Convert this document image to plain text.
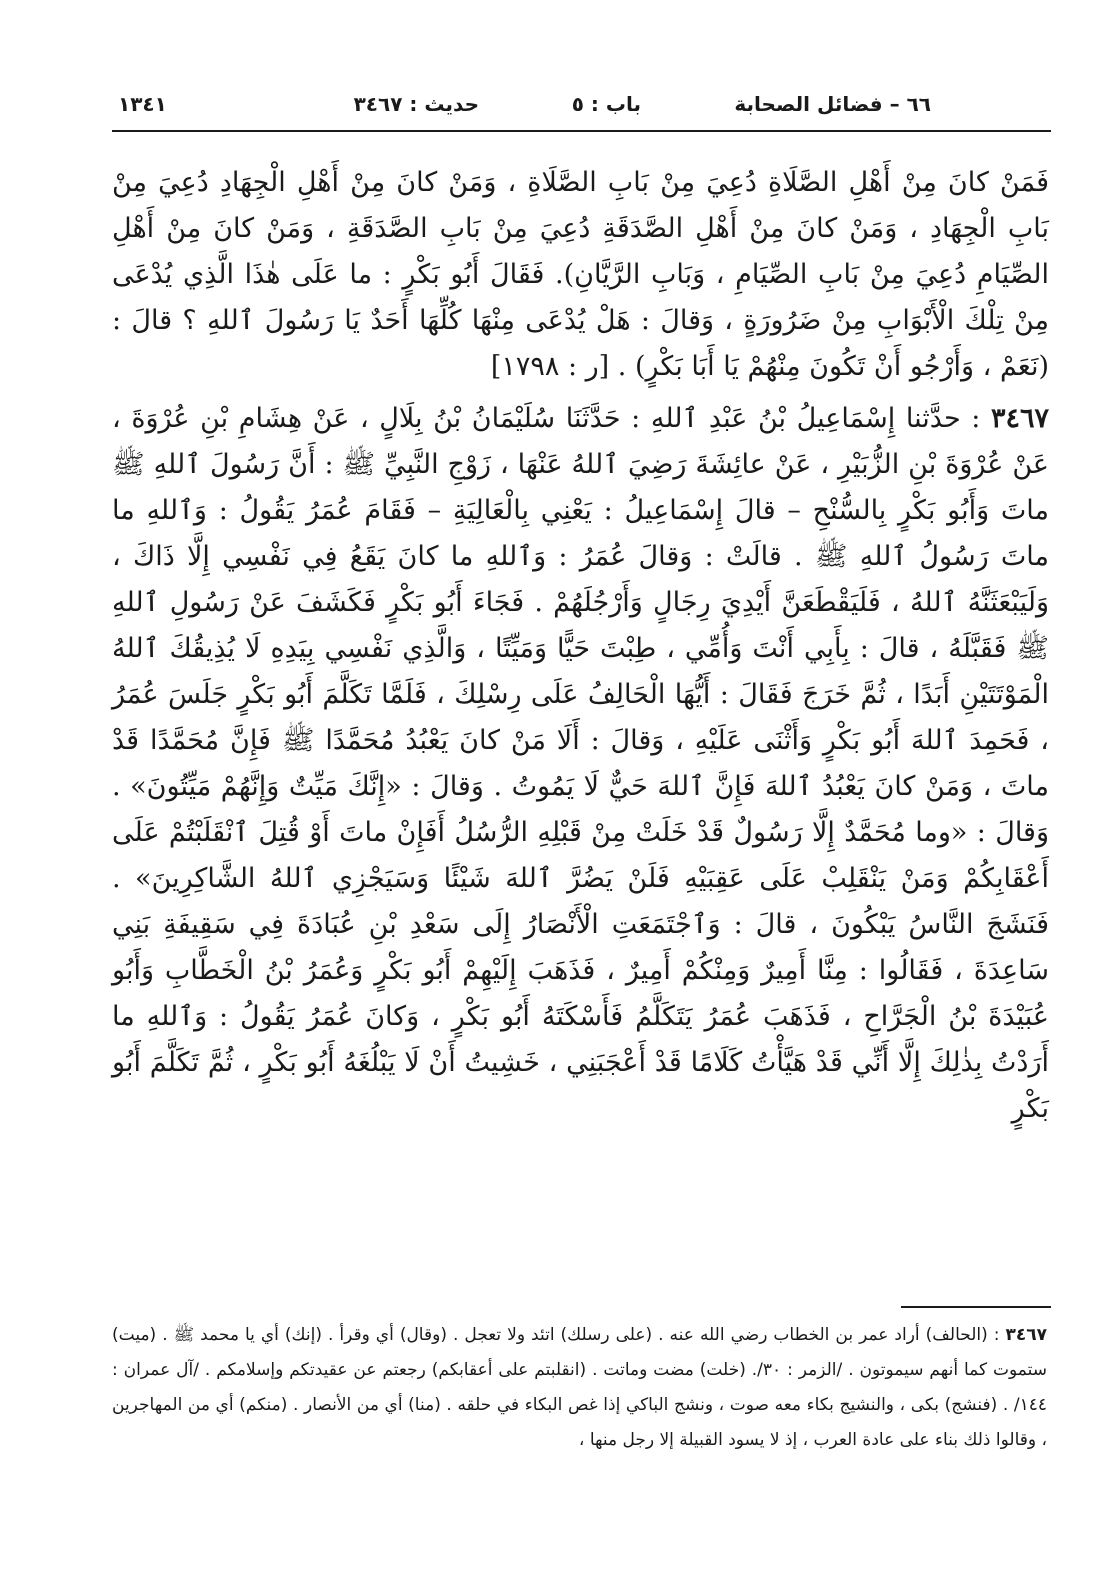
٦٦ – فضائل الصحابة
باب : ٥
حديث : ٣٤٦٧
١٣٤١

فَمَنْ كانَ مِنْ أَهْلِ الصَّلَاةِ دُعِيَ مِنْ بَابِ الصَّلَاةِ ، وَمَنْ كانَ مِنْ أَهْلِ الْجِهَادِ دُعِيَ مِنْ بَابِ الْجِهَادِ ، وَمَنْ كانَ مِنْ أَهْلِ الصَّدَقَةِ دُعِيَ مِنْ بَابِ الصَّدَقَةِ ، وَمَنْ كانَ مِنْ أَهْلِ الصِّيَامِ دُعِيَ مِنْ بَابِ الصِّيَامِ ، وَبَابِ الرَّيَّانِ). فَقَالَ أَبُو بَكْرٍ : ما عَلَى هٰذَا الَّذِي يُدْعَى مِنْ تِلْكَ الْأَبْوَابِ مِنْ ضَرُورَةٍ ، وَقالَ : هَلْ يُدْعَى مِنْهَا كُلِّهَا أَحَدٌ يَا رَسُولَ ٱللهِ ؟ قالَ : (نَعَمْ ، وَأَرْجُو أَنْ تَكُونَ مِنْهُمْ يَا أَبَا بَكْرٍ) . [ر : ١٧٩٨]

٣٤٦٧ : حدَّثنا إِسْمَاعِيلُ بْنُ عَبْدِ ٱللهِ : حَدَّثَنَا سُلَيْمَانُ بْنُ بِلَالٍ ، عَنْ هِشَامِ بْنِ عُرْوَةَ ، عَنْ عُرْوَةَ بْنِ الزُّبَيْرِ ، عَنْ عائِشَةَ رَضِيَ ٱللهُ عَنْهَا ، زَوْجِ النَّبِيِّ ﷺ : أَنَّ رَسُولَ ٱللهِ ﷺ ماتَ وَأَبُو بَكْرٍ بِالسُّنْحِ – قالَ إِسْمَاعِيلُ : يَعْنِي بِالْعَالِيَةِ – فَقَامَ عُمَرُ يَقُولُ : وَٱللهِ ما ماتَ رَسُولُ ٱللهِ ﷺ . قالَتْ : وَقالَ عُمَرُ : وَٱللهِ ما كانَ يَقَعُ فِي نَفْسِي إِلَّا ذَاكَ ، وَلَيَبْعَثَنَّهُ ٱللهُ ، فَلَيَقْطَعَنَّ أَيْدِيَ رِجَالٍ وَأَرْجُلَهُمْ . فَجَاءَ أَبُو بَكْرٍ فَكَشَفَ عَنْ رَسُولِ ٱللهِ ﷺ فَقَبَّلَهُ ، قالَ : بِأَبِي أَنْتَ وَأُمِّي ، طِبْتَ حَيًّا وَمَيِّتًا ، وَالَّذِي نَفْسِي بِيَدِهِ لَا يُذِيقُكَ ٱللهُ الْمَوْتَتَيْنِ أَبَدًا ، ثُمَّ خَرَجَ فَقَالَ : أَيُّهَا الْحَالِفُ عَلَى رِسْلِكَ ، فَلَمَّا تَكَلَّمَ أَبُو بَكْرٍ جَلَسَ عُمَرُ ، فَحَمِدَ ٱللهَ أَبُو بَكْرٍ وَأَثْنَى عَلَيْهِ ، وَقالَ : أَلَا مَنْ كانَ يَعْبُدُ مُحَمَّدًا ﷺ فَإِنَّ مُحَمَّدًا قَدْ ماتَ ، وَمَنْ كانَ يَعْبُدُ ٱللهَ فَإِنَّ ٱللهَ حَيٌّ لَا يَمُوتُ . وَقالَ : «إِنَّكَ مَيِّتٌ وَإِنَّهُمْ مَيِّتُونَ» . وَقالَ : «وما مُحَمَّدٌ إِلَّا رَسُولٌ قَدْ خَلَتْ مِنْ قَبْلِهِ الرُّسُلُ أَفَإِنْ ماتَ أَوْ قُتِلَ ٱنْقَلَبْتُمْ عَلَى أَعْقَابِكُمْ وَمَنْ يَنْقَلِبْ عَلَى عَقِبَيْهِ فَلَنْ يَضُرَّ ٱللهَ شَيْئًا وَسَيَجْزِي ٱللهُ الشَّاكِرِينَ» . فَنَشَجَ النَّاسُ يَبْكُونَ ، قالَ : وَٱجْتَمَعَتِ الْأَنْصَارُ إِلَى سَعْدِ بْنِ عُبَادَةَ فِي سَقِيفَةِ بَنِي سَاعِدَةَ ، فَقَالُوا : مِنَّا أَمِيرٌ وَمِنْكُمْ أَمِيرٌ ، فَذَهَبَ إِلَيْهِمْ أَبُو بَكْرٍ وَعُمَرُ بْنُ الْخَطَّابِ وَأَبُو عُبَيْدَةَ بْنُ الْجَرَّاحِ ، فَذَهَبَ عُمَرُ يَتَكَلَّمُ فَأَسْكَتَهُ أَبُو بَكْرٍ ، وَكانَ عُمَرُ يَقُولُ : وَٱللهِ ما أَرَدْتُ بِذٰلِكَ إِلَّا أَنِّي قَدْ هَيَّأْتُ كَلَامًا قَدْ أَعْجَبَنِي ، خَشِيتُ أَنْ لَا يَبْلُغَهُ أَبُو بَكْرٍ ، ثُمَّ تَكَلَّمَ أَبُو بَكْرٍ

٣٤٦٧ : (الحالف) أراد عمر بن الخطاب رضي الله عنه . (على رسلك) اتئد ولا تعجل . (وقال) أي وقرأ . (إنك) أي يا محمد ﷺ . (ميت) ستموت كما أنهم سيموتون . /الزمر : ٣٠/. (خلت) مضت وماتت . (انقلبتم على أعقابكم) رجعتم عن عقيدتكم وإسلامكم . /آل عمران : ١٤٤/ . (فنشج) بكى ، والنشيج بكاء معه صوت ، ونشج الباكي إذا غص البكاء في حلقه . (منا) أي من الأنصار . (منكم) أي من المهاجرين ، وقالوا ذلك بناء على عادة العرب ، إذ لا يسود القبيلة إلا رجل منها ،
